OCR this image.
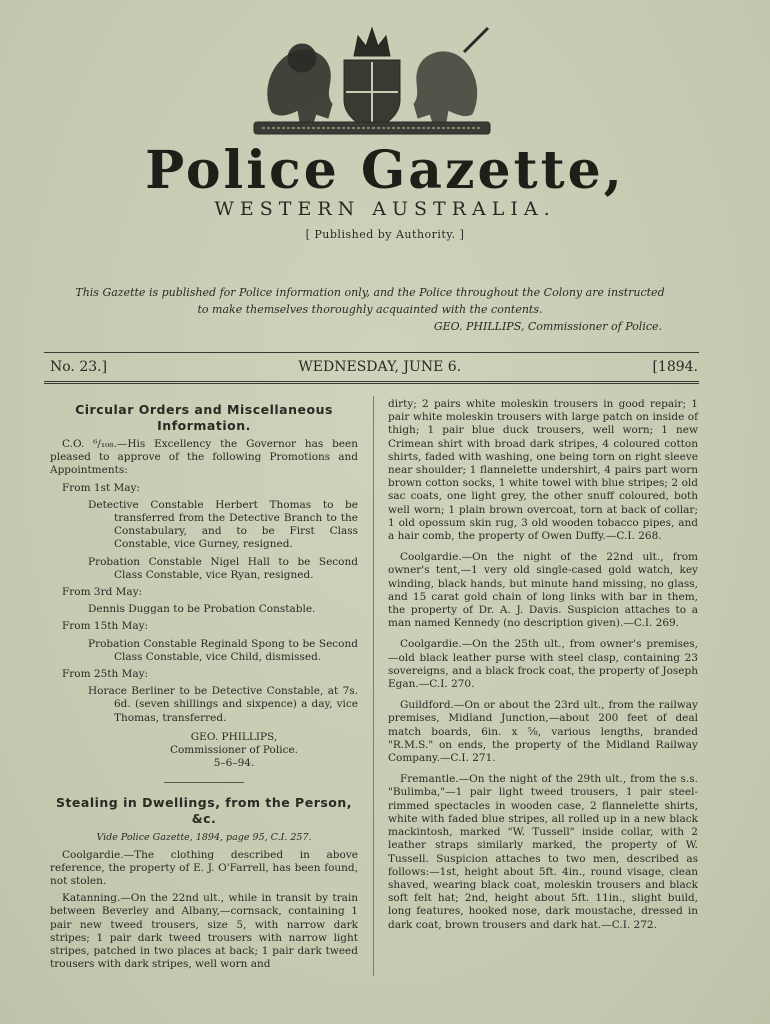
Police Gazette,
WESTERN AUSTRALIA.
[ Published by Authority. ]
This Gazette is published for Police information only, and the Police throughout the Colony are instructed to make themselves thoroughly acquainted with the contents.
GEO. PHILLIPS, Commissioner of Police.
No. 23.]	WEDNESDAY, JUNE 6.	[1894.
Circular Orders and Miscellaneous Information.

C.O. ⁶/₁₀₈.—His Excellency the Governor has been pleased to approve of the following Promotions and Appointments:

From 1st May:

Detective Constable Herbert Thomas to be transferred from the Detective Branch to the Constabulary, and to be First Class Constable, vice Gurney, resigned.

Probation Constable Nigel Hall to be Second Class Constable, vice Ryan, resigned.

From 3rd May:

Dennis Duggan to be Probation Constable.

From 15th May:

Probation Constable Reginald Spong to be Second Class Constable, vice Child, dismissed.

From 25th May:

Horace Berliner to be Detective Constable, at 7s. 6d. (seven shillings and sixpence) a day, vice Thomas, transferred.

GEO. PHILLIPS,

Commissioner of Police.

5–6–94.

Stealing in Dwellings, from the Person, &c.

Vide Police Gazette, 1894, page 95, C.I. 257.

Coolgardie.—The clothing described in above reference, the property of E. J. O'Farrell, has been found, not stolen.

Katanning.—On the 22nd ult., while in transit by train between Beverley and Albany,—cornsack, containing 1 pair new tweed trousers, size 5, with narrow dark stripes; 1 pair dark tweed trousers with narrow light stripes, patched in two places at back; 1 pair dark tweed trousers with dark stripes, well worn and

dirty; 2 pairs white moleskin trousers in good repair; 1 pair white moleskin trousers with large patch on inside of thigh; 1 pair blue duck trousers, well worn; 1 new Crimean shirt with broad dark stripes, 4 coloured cotton shirts, faded with washing, one being torn on right sleeve near shoulder; 1 flannelette undershirt, 4 pairs part worn brown cotton socks, 1 white towel with blue stripes; 2 old sac coats, one light grey, the other snuff coloured, both well worn; 1 plain brown overcoat, torn at back of collar; 1 old opossum skin rug, 3 old wooden tobacco pipes, and a hair comb, the property of Owen Duffy.—C.I. 268.

Coolgardie.—On the night of the 22nd ult., from owner's tent,—1 very old single-cased gold watch, key winding, black hands, but minute hand missing, no glass, and 15 carat gold chain of long links with bar in them, the property of Dr. A. J. Davis. Suspicion attaches to a man named Kennedy (no description given).—C.I. 269.

Coolgardie.—On the 25th ult., from owner's premises,—old black leather purse with steel clasp, containing 23 sovereigns, and a black frock coat, the property of Joseph Egan.—C.I. 270.

Guildford.—On or about the 23rd ult., from the railway premises, Midland Junction,—about 200 feet of deal match boards, 6in. x ⅝, various lengths, branded "R.M.S." on ends, the property of the Midland Railway Company.—C.I. 271.

Fremantle.—On the night of the 29th ult., from the s.s. "Bulimba,"—1 pair light tweed trousers, 1 pair steel-rimmed spectacles in wooden case, 2 flannelette shirts, white with faded blue stripes, all rolled up in a new black mackintosh, marked "W. Tussell" inside collar, with 2 leather straps similarly marked, the property of W. Tussell. Suspicion attaches to two men, described as follows:—1st, height about 5ft. 4in., round visage, clean shaved, wearing black coat, moleskin trousers and black soft felt hat; 2nd, height about 5ft. 11in., slight build, long features, hooked nose, dark moustache, dressed in dark coat, brown trousers and dark hat.—C.I. 272.
